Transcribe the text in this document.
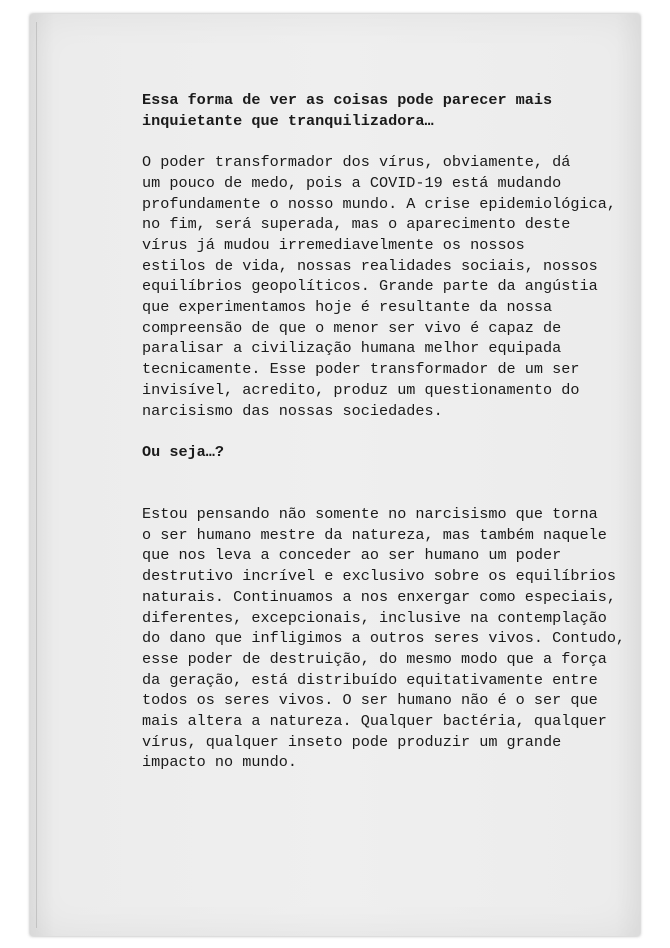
Essa forma de ver as coisas pode parecer mais

inquietante que tranquilizadora…

O poder transformador dos vírus, obviamente, dá

um pouco de medo, pois a COVID-19 está mudando

profundamente o nosso mundo. A crise epidemiológica,

no fim, será superada, mas o aparecimento deste

vírus já mudou irremediavelmente os nossos

estilos de vida, nossas realidades sociais, nossos

equilíbrios geopolíticos. Grande parte da angústia

que experimentamos hoje é resultante da nossa

compreensão de que o menor ser vivo é capaz de

paralisar a civilização humana melhor equipada

tecnicamente. Esse poder transformador de um ser

invisível, acredito, produz um questionamento do

narcisismo das nossas sociedades.

Ou seja…?

Estou pensando não somente no narcisismo que torna

o ser humano mestre da natureza, mas também naquele

que nos leva a conceder ao ser humano um poder

destrutivo incrível e exclusivo sobre os equilíbrios

naturais. Continuamos a nos enxergar como especiais,

diferentes, excepcionais, inclusive na contemplação

do dano que infligimos a outros seres vivos. Contudo,

esse poder de destruição, do mesmo modo que a força

da geração, está distribuído equitativamente entre

todos os seres vivos. O ser humano não é o ser que

mais altera a natureza. Qualquer bactéria, qualquer

vírus, qualquer inseto pode produzir um grande

impacto no mundo.
